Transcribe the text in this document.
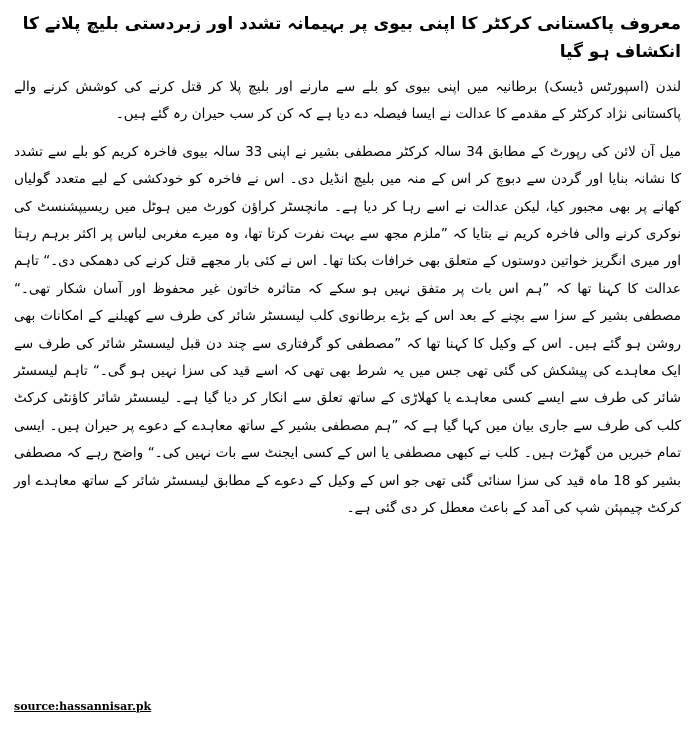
معروف پاکستانی کرکٹر کا اپنی بیوی پر بہیمانہ تشدد اور زبردستی بلیچ پلانے کا انکشاف ہو گیا

لندن (اسپورٹس ڈیسک) برطانیہ میں اپنی بیوی کو بلے سے مارنے اور بلیچ پلا کر قتل کرنے کی کوشش کرنے والے پاکستانی نژاد کرکٹر کے مقدمے کا عدالت نے ایسا فیصلہ دے دیا ہے کہ کن کر سب حیران رہ گئے ہیں۔

میل آن لائن کی رپورٹ کے مطابق 34 سالہ کرکٹر مصطفی بشیر نے اپنی 33 سالہ بیوی فاخرہ کریم کو بلے سے تشدد کا نشانہ بنایا اور گردن سے دبوچ کر اس کے منہ میں بلیچ انڈیل دی۔ اس نے فاخرہ کو خودکشی کے لیے متعدد گولیاں کھانے پر بھی مجبور کیا، لیکن عدالت نے اسے رہا کر دیا ہے۔ مانچسٹر کراؤن کورٹ میں ہوٹل میں ریسیپشنسٹ کی نوکری کرنے والی فاخرہ کریم نے بتایا کہ ”ملزم مجھ سے بہت نفرت کرتا تھا، وہ میرے مغربی لباس پر اکثر برہم رہتا اور میری انگریز خواتین دوستوں کے متعلق بھی خرافات بکتا تھا۔ اس نے کئی بار مجھے قتل کرنے کی دھمکی دی۔“ تاہم عدالت کا کہنا تھا کہ ”ہم اس بات پر متفق نہیں ہو سکے کہ متاثرہ خاتون غیر محفوظ اور آسان شکار تھی۔“ مصطفی بشیر کے سزا سے بچنے کے بعد اس کے بڑے برطانوی کلب لیسسٹر شائر کی طرف سے کھیلنے کے امکانات بھی روشن ہو گئے ہیں۔ اس کے وکیل کا کہنا تھا کہ ”مصطفی کو گرفتاری سے چند دن قبل لیسسٹر شائر کی طرف سے ایک معاہدے کی پیشکش کی گئی تھی جس میں یہ شرط بھی تھی کہ اسے قید کی سزا نہیں ہو گی۔“ تاہم لیسسٹر شائر کی طرف سے ایسے کسی معاہدے یا کھلاڑی کے ساتھ تعلق سے انکار کر دیا گیا ہے۔ لیسسٹر شائر کاؤنٹی کرکٹ کلب کی طرف سے جاری بیان میں کہا گیا ہے کہ ”ہم مصطفی بشیر کے ساتھ معاہدے کے دعوے پر حیران ہیں۔ ایسی تمام خبریں من گھڑت ہیں۔ کلب نے کبھی مصطفی یا اس کے کسی ایجنٹ سے بات نہیں کی۔“ واضح رہے کہ مصطفی بشیر کو 18 ماہ قید کی سزا سنائی گئی تھی جو اس کے وکیل کے دعوے کے مطابق لیسسٹر شائر کے ساتھ معاہدے اور کرکٹ چیمپئن شپ کی آمد کے باعث معطل کر دی گئی ہے۔

source:hassannisar.pk
